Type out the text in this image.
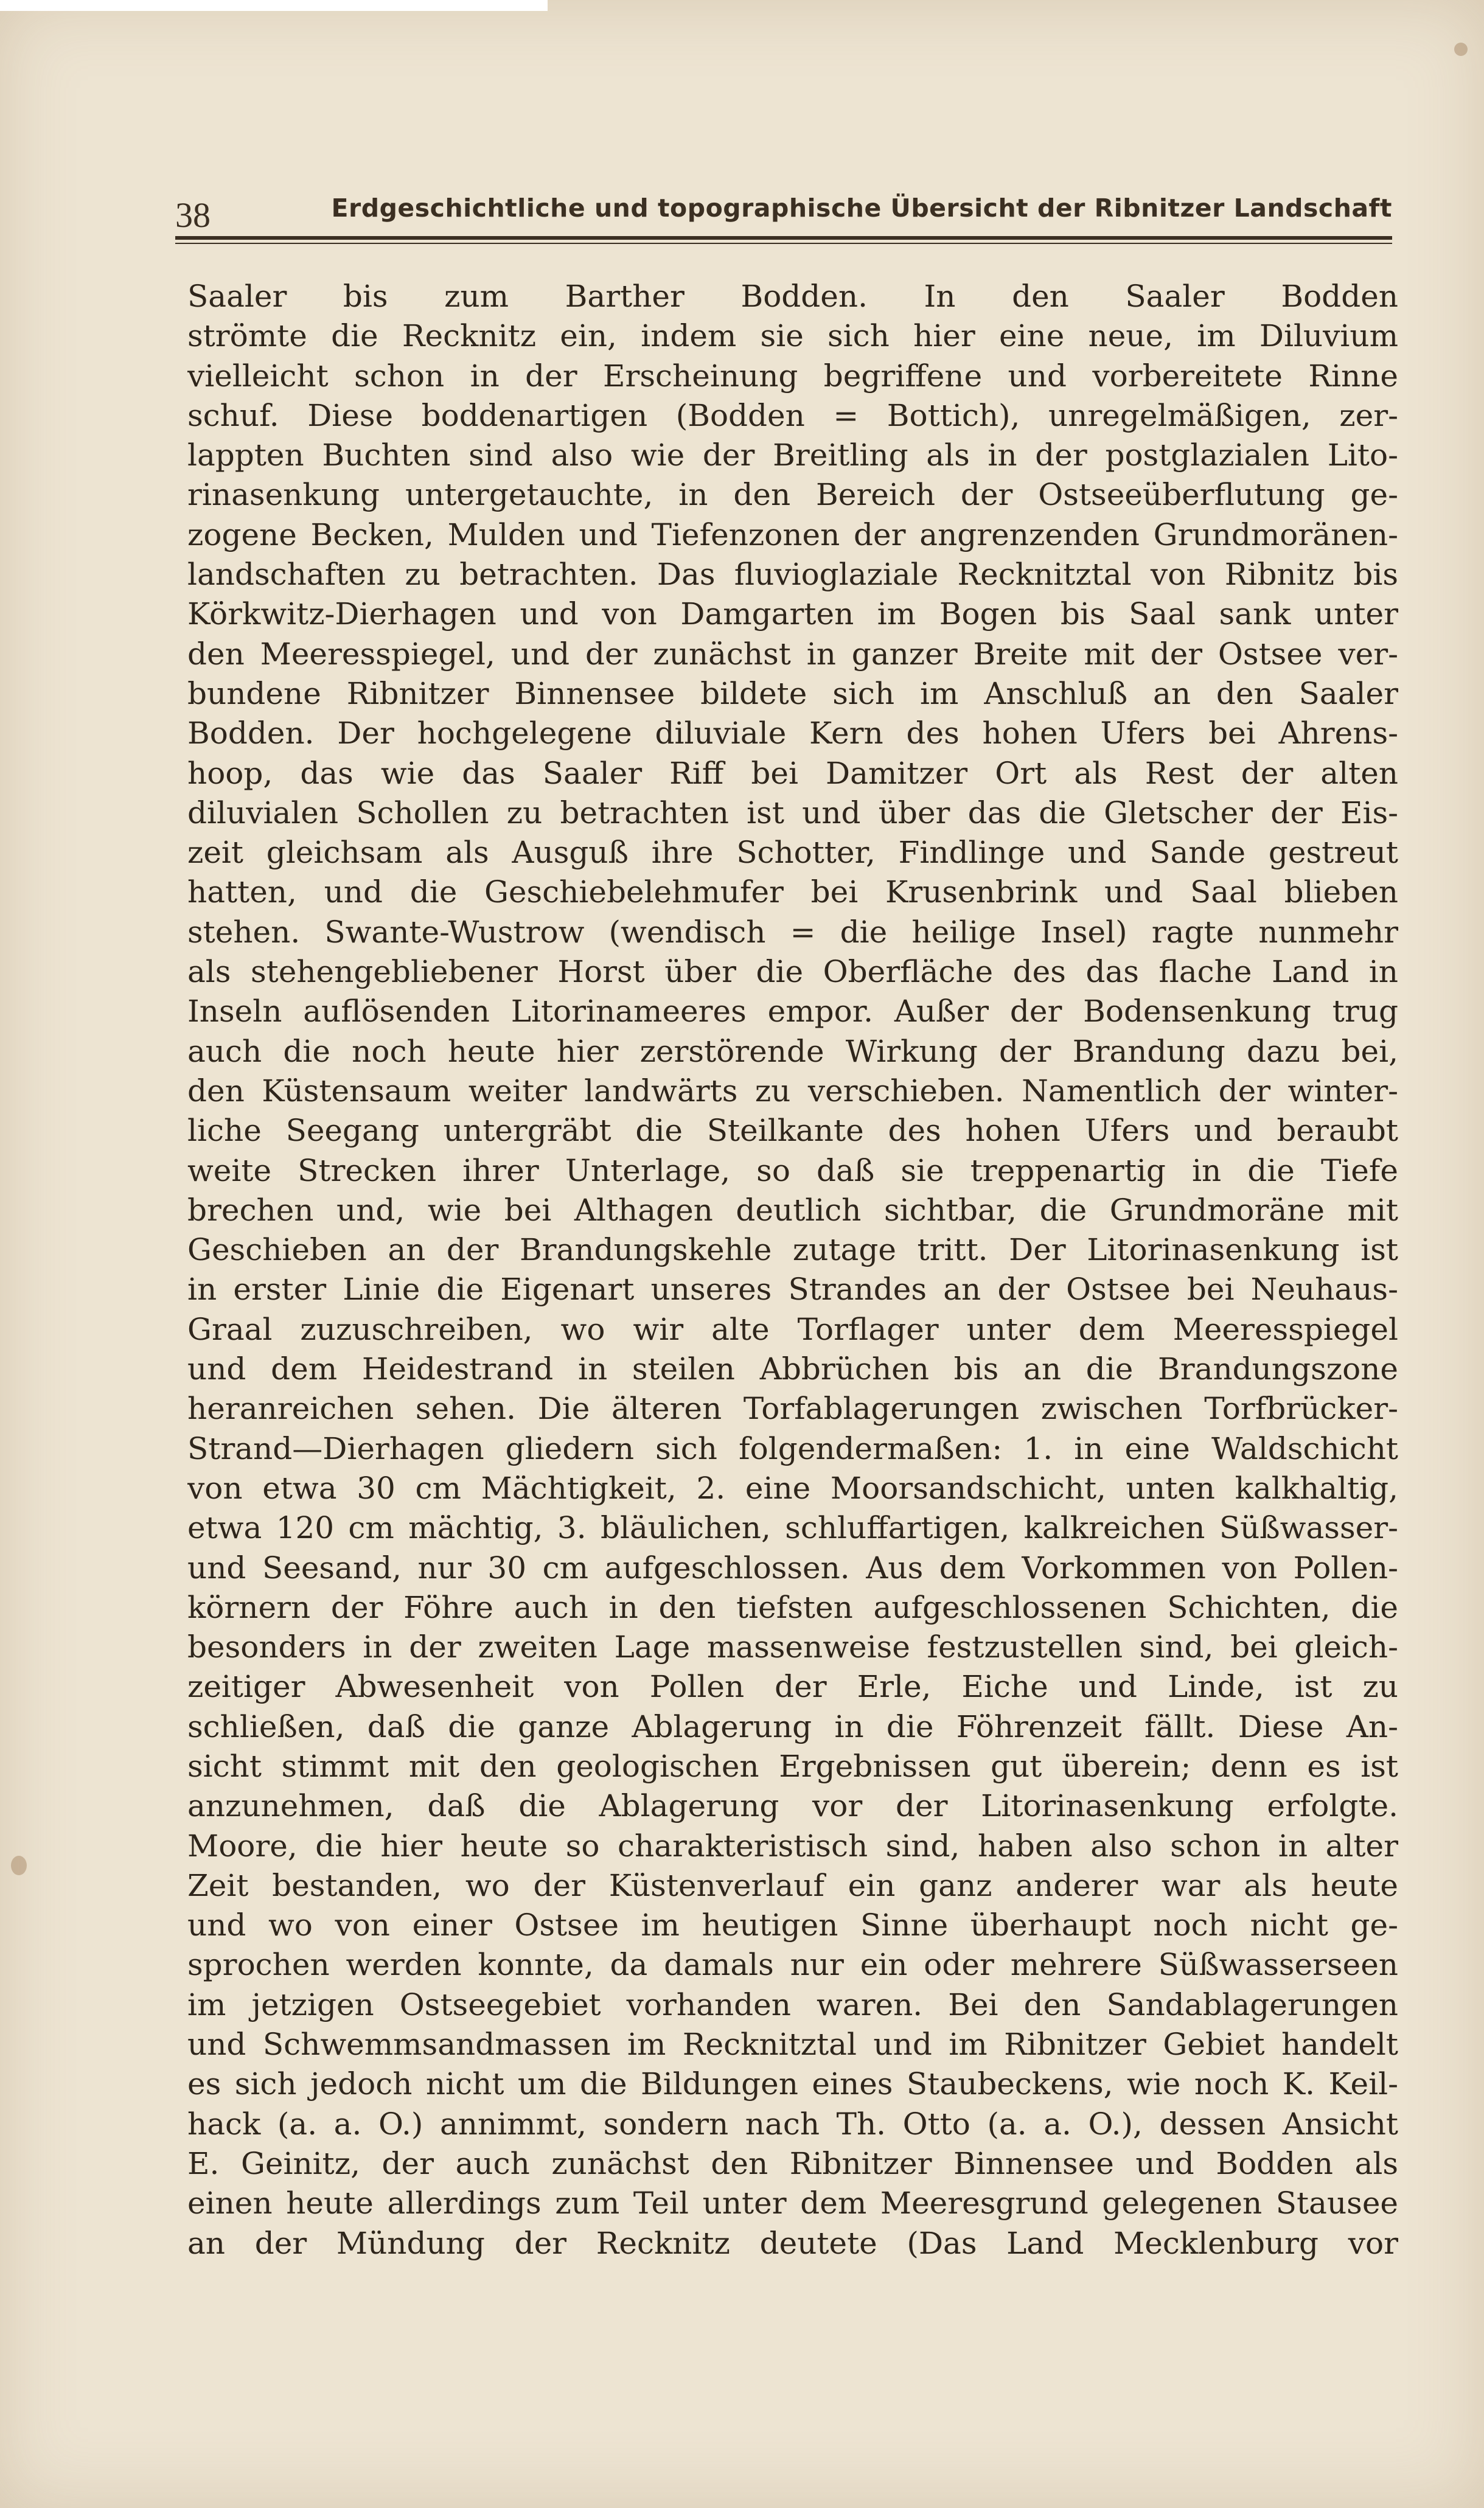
38	Erdgeschichtliche und topographische Übersicht der Ribnitzer Landschaft
Saaler bis zum Barther Bodden. In den Saaler Bodden
strömte die Recknitz ein, indem sie sich hier eine neue, im Diluvium
vielleicht schon in der Erscheinung begriffene und vorbereitete Rinne
schuf. Diese boddenartigen (Bodden = Bottich), unregelmäßigen, zer-
lappten Buchten sind also wie der Breitling als in der postglazialen Lito-
rinasenkung untergetauchte, in den Bereich der Ostseeüberflutung ge-
zogene Becken, Mulden und Tiefenzonen der angrenzenden Grundmoränen-
landschaften zu betrachten. Das fluvioglaziale Recknitztal von Ribnitz bis
Körkwitz-Dierhagen und von Damgarten im Bogen bis Saal sank unter
den Meeresspiegel, und der zunächst in ganzer Breite mit der Ostsee ver-
bundene Ribnitzer Binnensee bildete sich im Anschluß an den Saaler
Bodden. Der hochgelegene diluviale Kern des hohen Ufers bei Ahrens-
hoop, das wie das Saaler Riff bei Damitzer Ort als Rest der alten
diluvialen Schollen zu betrachten ist und über das die Gletscher der Eis-
zeit gleichsam als Ausguß ihre Schotter, Findlinge und Sande gestreut
hatten, und die Geschiebelehmufer bei Krusenbrink und Saal blieben
stehen. Swante-Wustrow (wendisch = die heilige Insel) ragte nunmehr
als stehengebliebener Horst über die Oberfläche des das flache Land in
Inseln auflösenden Litorinameeres empor. Außer der Bodensenkung trug
auch die noch heute hier zerstörende Wirkung der Brandung dazu bei,
den Küstensaum weiter landwärts zu verschieben. Namentlich der winter-
liche Seegang untergräbt die Steilkante des hohen Ufers und beraubt
weite Strecken ihrer Unterlage, so daß sie treppenartig in die Tiefe
brechen und, wie bei Althagen deutlich sichtbar, die Grundmoräne mit
Geschieben an der Brandungskehle zutage tritt. Der Litorinasenkung ist
in erster Linie die Eigenart unseres Strandes an der Ostsee bei Neuhaus-
Graal zuzuschreiben, wo wir alte Torflager unter dem Meeresspiegel
und dem Heidestrand in steilen Abbrüchen bis an die Brandungszone
heranreichen sehen. Die älteren Torfablagerungen zwischen Torfbrücker-
Strand—Dierhagen gliedern sich folgendermaßen: 1. in eine Waldschicht
von etwa 30 cm Mächtigkeit, 2. eine Moorsandschicht, unten kalkhaltig,
etwa 120 cm mächtig, 3. bläulichen, schluffartigen, kalkreichen Süßwasser-
und Seesand, nur 30 cm aufgeschlossen. Aus dem Vorkommen von Pollen-
körnern der Föhre auch in den tiefsten aufgeschlossenen Schichten, die
besonders in der zweiten Lage massenweise festzustellen sind, bei gleich-
zeitiger Abwesenheit von Pollen der Erle, Eiche und Linde, ist zu
schließen, daß die ganze Ablagerung in die Föhrenzeit fällt. Diese An-
sicht stimmt mit den geologischen Ergebnissen gut überein; denn es ist
anzunehmen, daß die Ablagerung vor der Litorinasenkung erfolgte.
Moore, die hier heute so charakteristisch sind, haben also schon in alter
Zeit bestanden, wo der Küstenverlauf ein ganz anderer war als heute
und wo von einer Ostsee im heutigen Sinne überhaupt noch nicht ge-
sprochen werden konnte, da damals nur ein oder mehrere Süßwasserseen
im jetzigen Ostseegebiet vorhanden waren. Bei den Sandablagerungen
und Schwemmsandmassen im Recknitztal und im Ribnitzer Gebiet handelt
es sich jedoch nicht um die Bildungen eines Staubeckens, wie noch K. Keil-
hack (a. a. O.) annimmt, sondern nach Th. Otto (a. a. O.), dessen Ansicht
E. Geinitz, der auch zunächst den Ribnitzer Binnensee und Bodden als
einen heute allerdings zum Teil unter dem Meeresgrund gelegenen Stausee
an der Mündung der Recknitz deutete (Das Land Mecklenburg vor
